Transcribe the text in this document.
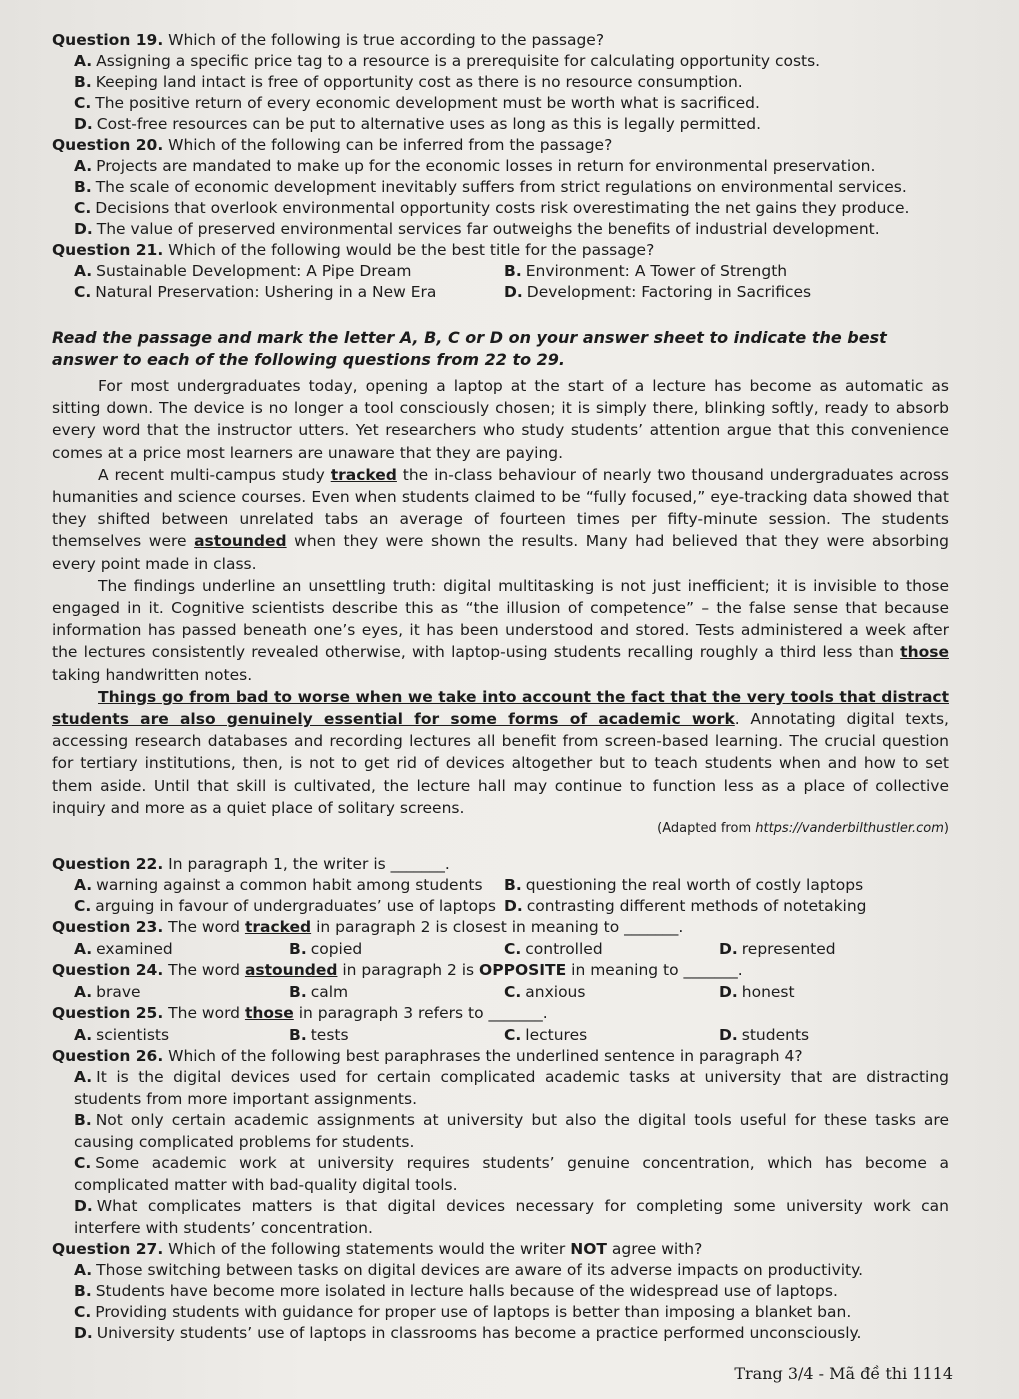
Question 19. Which of the following is true according to the passage?

A. Assigning a specific price tag to a resource is a prerequisite for calculating opportunity costs.

B. Keeping land intact is free of opportunity cost as there is no resource consumption.

C. The positive return of every economic development must be worth what is sacrificed.

D. Cost-free resources can be put to alternative uses as long as this is legally permitted.

Question 20. Which of the following can be inferred from the passage?

A. Projects are mandated to make up for the economic losses in return for environmental preservation.

B. The scale of economic development inevitably suffers from strict regulations on environmental services.

C. Decisions that overlook environmental opportunity costs risk overestimating the net gains they produce.

D. The value of preserved environmental services far outweighs the benefits of industrial development.

Question 21. Which of the following would be the best title for the passage?

A. Sustainable Development: A Pipe Dream	B. Environment: A Tower of Strength
C. Natural Preservation: Ushering in a New Era	D. Development: Factoring in Sacrifices

Read the passage and mark the letter A, B, C or D on your answer sheet to indicate the best answer to each of the following questions from 22 to 29.

For most undergraduates today, opening a laptop at the start of a lecture has become as automatic as sitting down. The device is no longer a tool consciously chosen; it is simply there, blinking softly, ready to absorb every word that the instructor utters. Yet researchers who study students’ attention argue that this convenience comes at a price most learners are unaware that they are paying.

A recent multi-campus study tracked the in-class behaviour of nearly two thousand undergraduates across humanities and science courses. Even when students claimed to be “fully focused,” eye-tracking data showed that they shifted between unrelated tabs an average of fourteen times per fifty-minute session. The students themselves were astounded when they were shown the results. Many had believed that they were absorbing every point made in class.

The findings underline an unsettling truth: digital multitasking is not just inefficient; it is invisible to those engaged in it. Cognitive scientists describe this as “the illusion of competence” – the false sense that because information has passed beneath one’s eyes, it has been understood and stored. Tests administered a week after the lectures consistently revealed otherwise, with laptop-using students recalling roughly a third less than those taking handwritten notes.

Things go from bad to worse when we take into account the fact that the very tools that distract students are also genuinely essential for some forms of academic work. Annotating digital texts, accessing research databases and recording lectures all benefit from screen-based learning. The crucial question for tertiary institutions, then, is not to get rid of devices altogether but to teach students when and how to set them aside. Until that skill is cultivated, the lecture hall may continue to function less as a place of collective inquiry and more as a quiet place of solitary screens.

(Adapted from https://vanderbilthustler.com)

Question 22. In paragraph 1, the writer is _______.

A. warning against a common habit among students	B. questioning the real worth of costly laptops
C. arguing in favour of undergraduates’ use of laptops D. contrasting different methods of notetaking

Question 23. The word tracked in paragraph 2 is closest in meaning to _______.

A. examined	B. copied	C. controlled	D. represented

Question 24. The word astounded in paragraph 2 is OPPOSITE in meaning to _______.

A. brave	B. calm	C. anxious	D. honest

Question 25. The word those in paragraph 3 refers to _______.

A. scientists	B. tests	C. lectures	D. students

Question 26. Which of the following best paraphrases the underlined sentence in paragraph 4?

A. It is the digital devices used for certain complicated academic tasks at university that are distracting students from more important assignments.

B. Not only certain academic assignments at university but also the digital tools useful for these tasks are causing complicated problems for students.

C. Some academic work at university requires students’ genuine concentration, which has become a complicated matter with bad-quality digital tools.

D. What complicates matters is that digital devices necessary for completing some university work can interfere with students’ concentration.

Question 27. Which of the following statements would the writer NOT agree with?

A. Those switching between tasks on digital devices are aware of its adverse impacts on productivity.

B. Students have become more isolated in lecture halls because of the widespread use of laptops.

C. Providing students with guidance for proper use of laptops is better than imposing a blanket ban.

D. University students’ use of laptops in classrooms has become a practice performed unconsciously.

Trang 3/4 - Mã đề thi 1114
